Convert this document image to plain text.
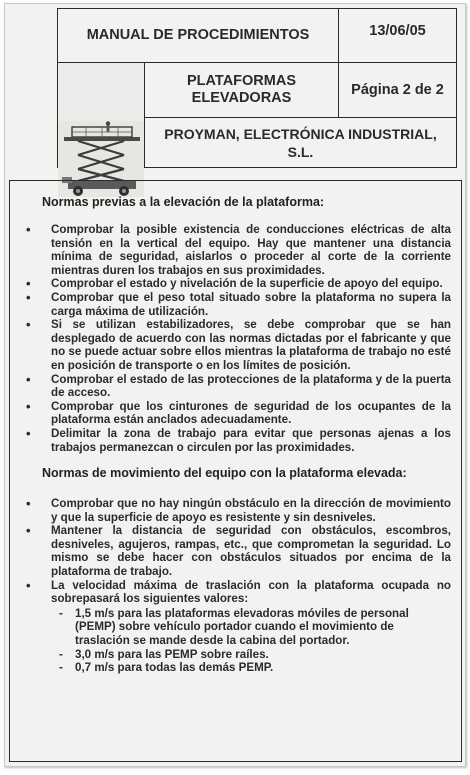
MANUAL DE PROCEDIMIENTOS	13/06/05
PLATAFORMAS ELEVADORAS	Página 2 de 2
PROYMAN, ELECTRÓNICA INDUSTRIAL, S.L.
Normas previas a la elevación de la plataforma:
• Comprobar la posible existencia de conducciones eléctricas de alta tensión en la vertical del equipo. Hay que mantener una distancia mínima de seguridad, aislarlos o proceder al corte de la corriente mientras duren los trabajos en sus proximidades.
• Comprobar el estado y nivelación de la superficie de apoyo del equipo.
• Comprobar que el peso total situado sobre la plataforma no supera la carga máxima de utilización.
• Si se utilizan estabilizadores, se debe comprobar que se han desplegado de acuerdo con las normas dictadas por el fabricante y que no se puede actuar sobre ellos mientras la plataforma de trabajo no esté en posición de transporte o en los límites de posición.
• Comprobar el estado de las protecciones de la plataforma y de la puerta de acceso.
• Comprobar que los cinturones de seguridad de los ocupantes de la plataforma están anclados adecuadamente.
• Delimitar la zona de trabajo para evitar que personas ajenas a los trabajos permanezcan o circulen por las proximidades.
Normas de movimiento del equipo con la plataforma elevada:
• Comprobar que no hay ningún obstáculo en la dirección de movimiento y que la superficie de apoyo es resistente y sin desniveles.
• Mantener la distancia de seguridad con obstáculos, escombros, desniveles, agujeros, rampas, etc., que comprometan la seguridad. Lo mismo se debe hacer con obstáculos situados por encima de la plataforma de trabajo.
• La velocidad máxima de traslación con la plataforma ocupada no sobrepasará los siguientes valores:
- 1,5 m/s para las plataformas elevadoras móviles de personal (PEMP) sobre vehículo portador cuando el movimiento de traslación se mande desde la cabina del portador.
- 3,0 m/s para las PEMP sobre raíles.
- 0,7 m/s para todas las demás PEMP.
